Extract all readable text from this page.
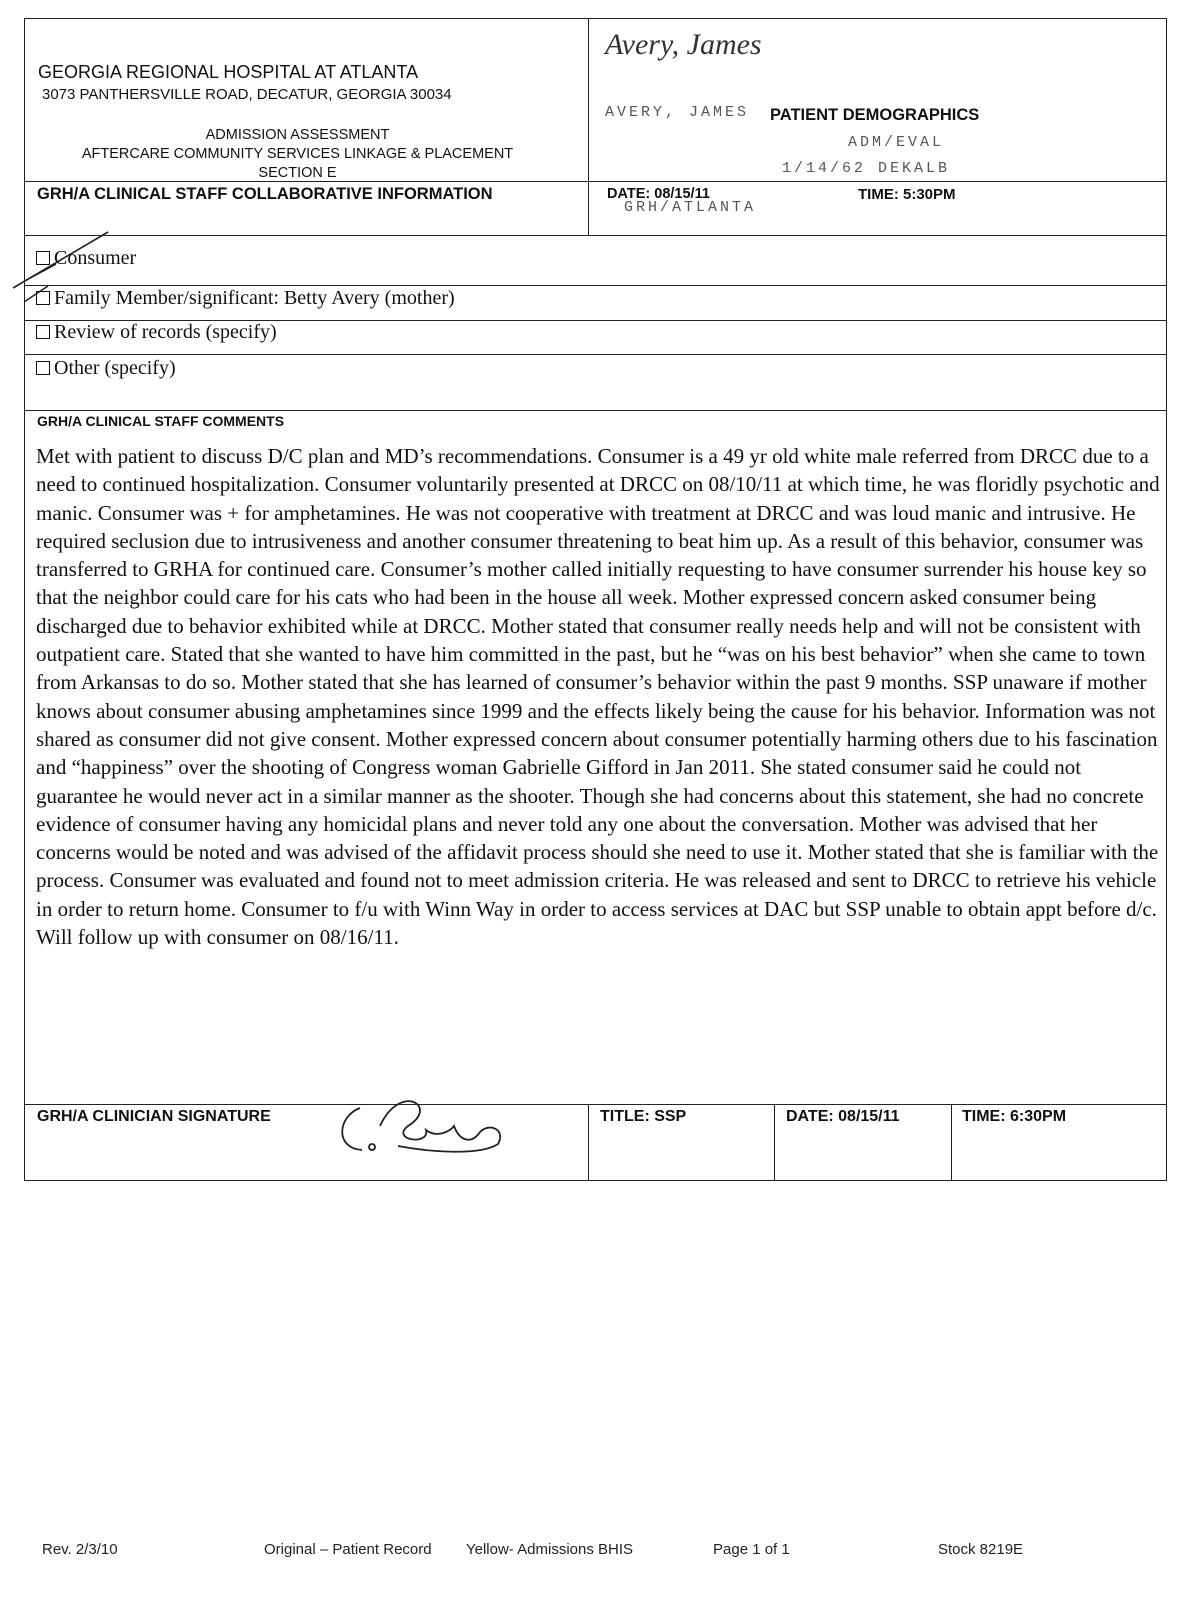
GEORGIA REGIONAL HOSPITAL AT ATLANTA
3073 PANTHERSVILLE ROAD, DECATUR, GEORGIA 30034
ADMISSION ASSESSMENT
AFTERCARE COMMUNITY SERVICES LINKAGE & PLACEMENT
SECTION E
GRH/A CLINICAL STAFF COLLABORATIVE INFORMATION
Avery, James
AVERY, JAMES PATIENT DEMOGRAPHICS
ADM/EVAL
1/14/62 DEKALB
DATE: 08/15/11
GRH/ATLANTA
TIME: 5:30PM
Consumer
Family Member/significant: Betty Avery (mother)
Review of records (specify)
Other (specify)
GRH/A CLINICAL STAFF COMMENTS

Met with patient to discuss D/C plan and MD’s recommendations. Consumer is a 49 yr old white male referred from DRCC due to a need to continued hospitalization. Consumer voluntarily presented at DRCC on 08/10/11 at which time, he was floridly psychotic and manic. Consumer was + for amphetamines. He was not cooperative with treatment at DRCC and was loud manic and intrusive. He required seclusion due to intrusiveness and another consumer threatening to beat him up. As a result of this behavior, consumer was transferred to GRHA for continued care. Consumer’s mother called initially requesting to have consumer surrender his house key so that the neighbor could care for his cats who had been in the house all week. Mother expressed concern asked consumer being discharged due to behavior exhibited while at DRCC. Mother stated that consumer really needs help and will not be consistent with outpatient care. Stated that she wanted to have him committed in the past, but he “was on his best behavior” when she came to town from Arkansas to do so. Mother stated that she has learned of consumer’s behavior within the past 9 months. SSP unaware if mother knows about consumer abusing amphetamines since 1999 and the effects likely being the cause for his behavior. Information was not shared as consumer did not give consent. Mother expressed concern about consumer potentially harming others due to his fascination and “happiness” over the shooting of Congress woman Gabrielle Gifford in Jan 2011. She stated consumer said he could not guarantee he would never act in a similar manner as the shooter. Though she had concerns about this statement, she had no concrete evidence of consumer having any homicidal plans and never told any one about the conversation. Mother was advised that her concerns would be noted and was advised of the affidavit process should she need to use it. Mother stated that she is familiar with the process. Consumer was evaluated and found not to meet admission criteria. He was released and sent to DRCC to retrieve his vehicle in order to return home. Consumer to f/u with Winn Way in order to access services at DAC but SSP unable to obtain appt before d/c. Will follow up with consumer on 08/16/11.

GRH/A CLINICIAN SIGNATURE	TITLE: SSP	DATE: 08/15/11	TIME: 6:30PM
Rev. 2/3/10	Original – Patient Record Yellow- Admissions BHIS	Page 1 of 1	Stock 8219E
